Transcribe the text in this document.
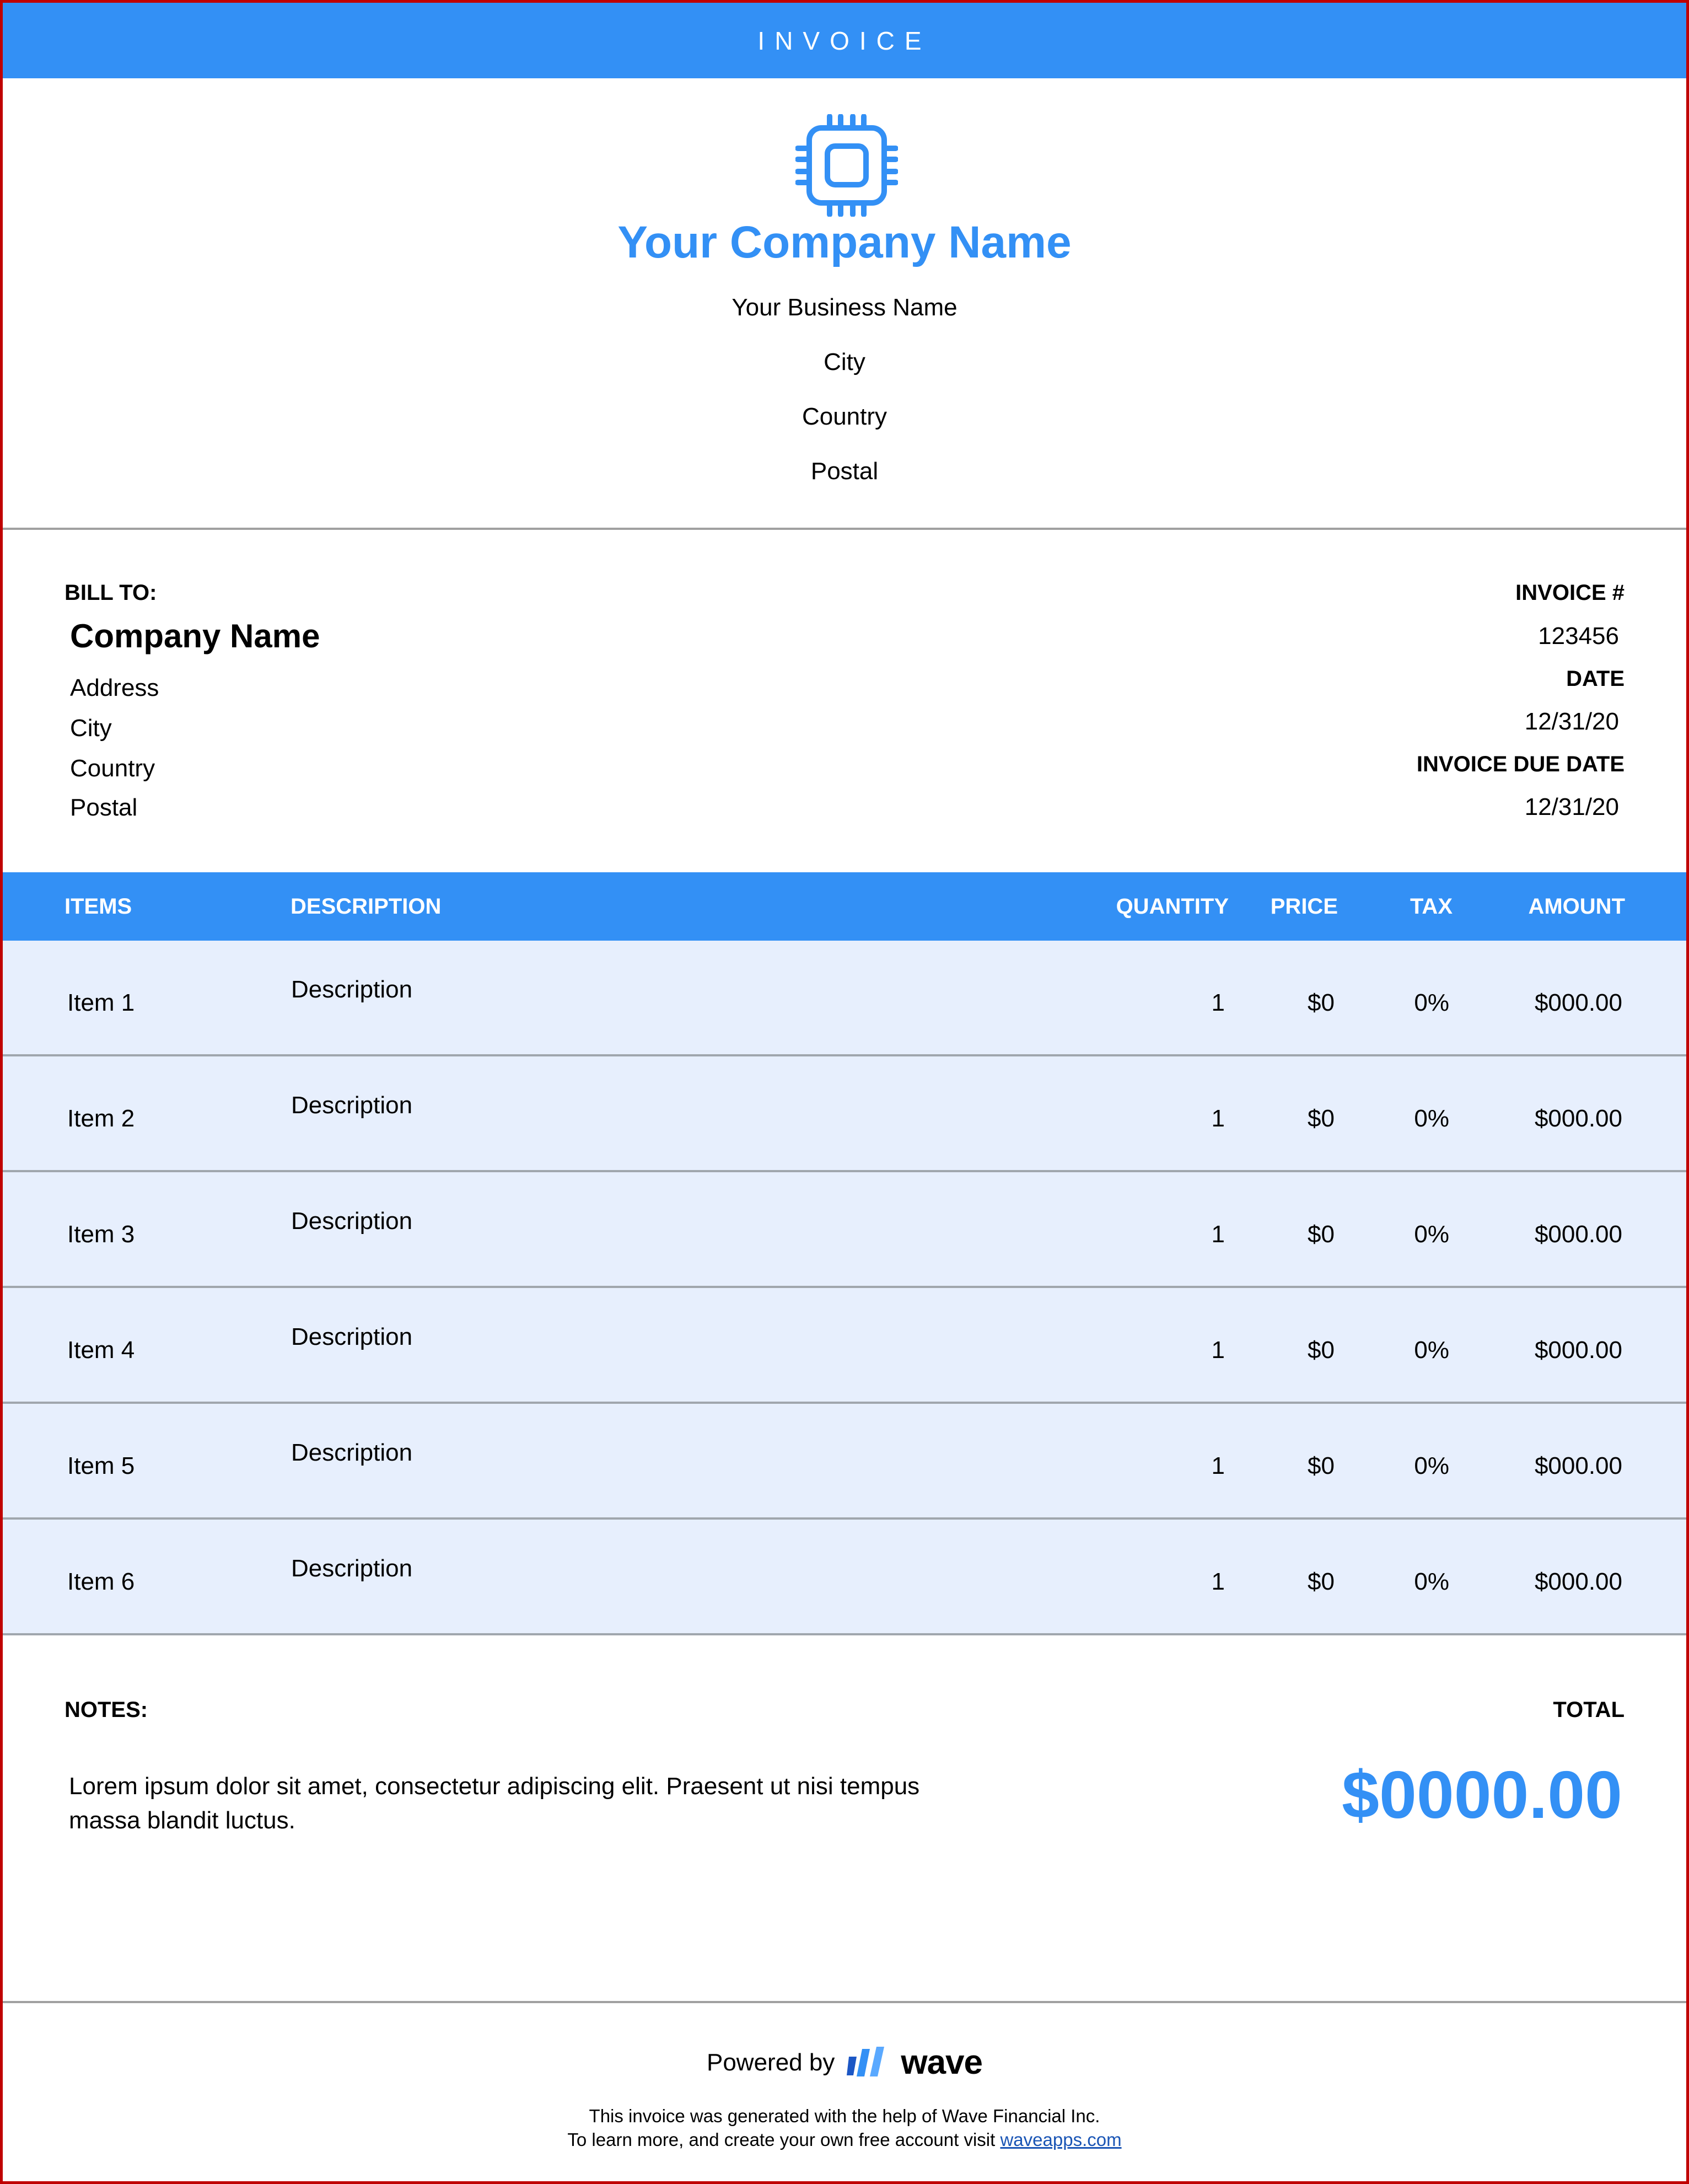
INVOICE
Your Company Name
Your Business Name
City
Country
Postal
BILL TO:
Company Name
Address
City
Country
Postal
INVOICE #
123456
DATE
12/31/20
INVOICE DUE DATE
12/31/20
ITEMS	DESCRIPTION	QUANTITY PRICE	TAX	AMOUNT
Item 1	Description	1	$0	0%	$000.00
Item 2	Description	1	$0	0%	$000.00
Item 3	Description	1	$0	0%	$000.00
Item 4	Description	1	$0	0%	$000.00
Item 5	Description	1	$0	0%	$000.00
Item 6	Description	1	$0	0%	$000.00
NOTES:
Lorem ipsum dolor sit amet, consectetur adipiscing elit. Praesent ut nisi tempus massa blandit luctus.
TOTAL
$0000.00
Powered by wave
This invoice was generated with the help of Wave Financial Inc.
To learn more, and create your own free account visit waveapps.com
